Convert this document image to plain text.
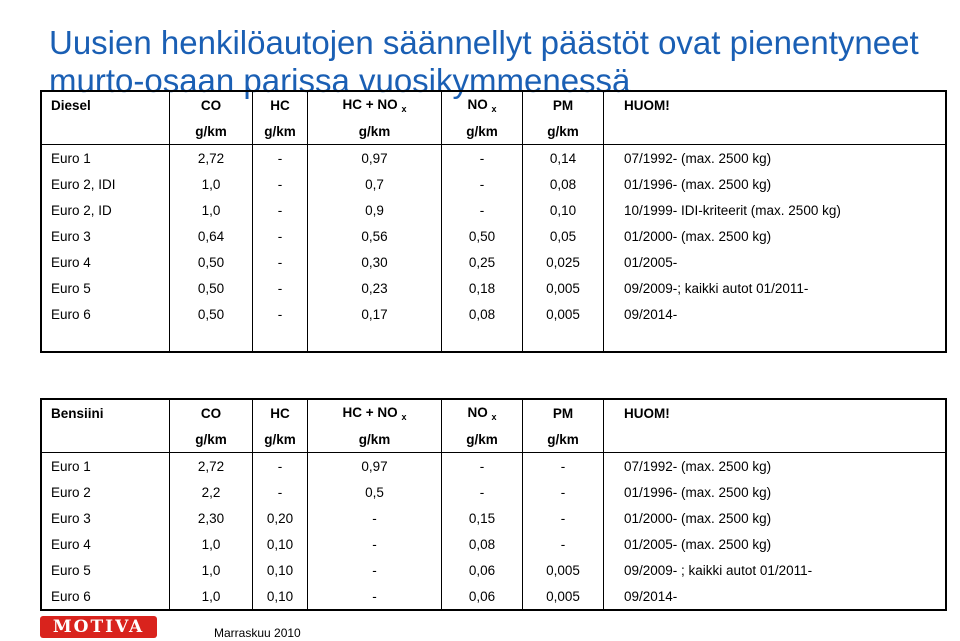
Uusien henkilöautojen säännellyt päästöt ovat pienentyneet murto-osaan parissa vuosikymmenessä
Diesel	CO	HC	HC + NO $_x$	NO $_x$	PM	HUOM!
	g/km	g/km	g/km	g/km	g/km	
Euro 1	2,72	-	0,97	-	0,14	07/1992- (max. 2500 kg)
Euro 2, IDI	1,0	-	0,7	-	0,08	01/1996- (max. 2500 kg)
Euro 2, ID	1,0	-	0,9	-	0,10	10/1999- IDI-kriteerit (max. 2500 kg)
Euro 3	0,64	-	0,56	0,50	0,05	01/2000- (max. 2500 kg)
Euro 4	0,50	-	0,30	0,25	0,025	01/2005-
Euro 5	0,50	-	0,23	0,18	0,005	09/2009-; kaikki autot 01/2011-
Euro 6	0,50	-	0,17	0,08	0,005	09/2014-
Bensiini	CO	HC	HC + NO $_x$	NO $_x$	PM	HUOM!
	g/km	g/km	g/km	g/km	g/km	
Euro 1	2,72	-	0,97	-	-	07/1992- (max. 2500 kg)
Euro 2	2,2	-	0,5	-	-	01/1996- (max. 2500 kg)
Euro 3	2,30	0,20	-	0,15	-	01/2000- (max. 2500 kg)
Euro 4	1,0	0,10	-	0,08	-	01/2005- (max. 2500 kg)
Euro 5	1,0	0,10	-	0,06	0,005	09/2009- ; kaikki autot 01/2011-
Euro 6	1,0	0,10	-	0,06	0,005	09/2014-
MOTIVA	Marraskuu 2010
